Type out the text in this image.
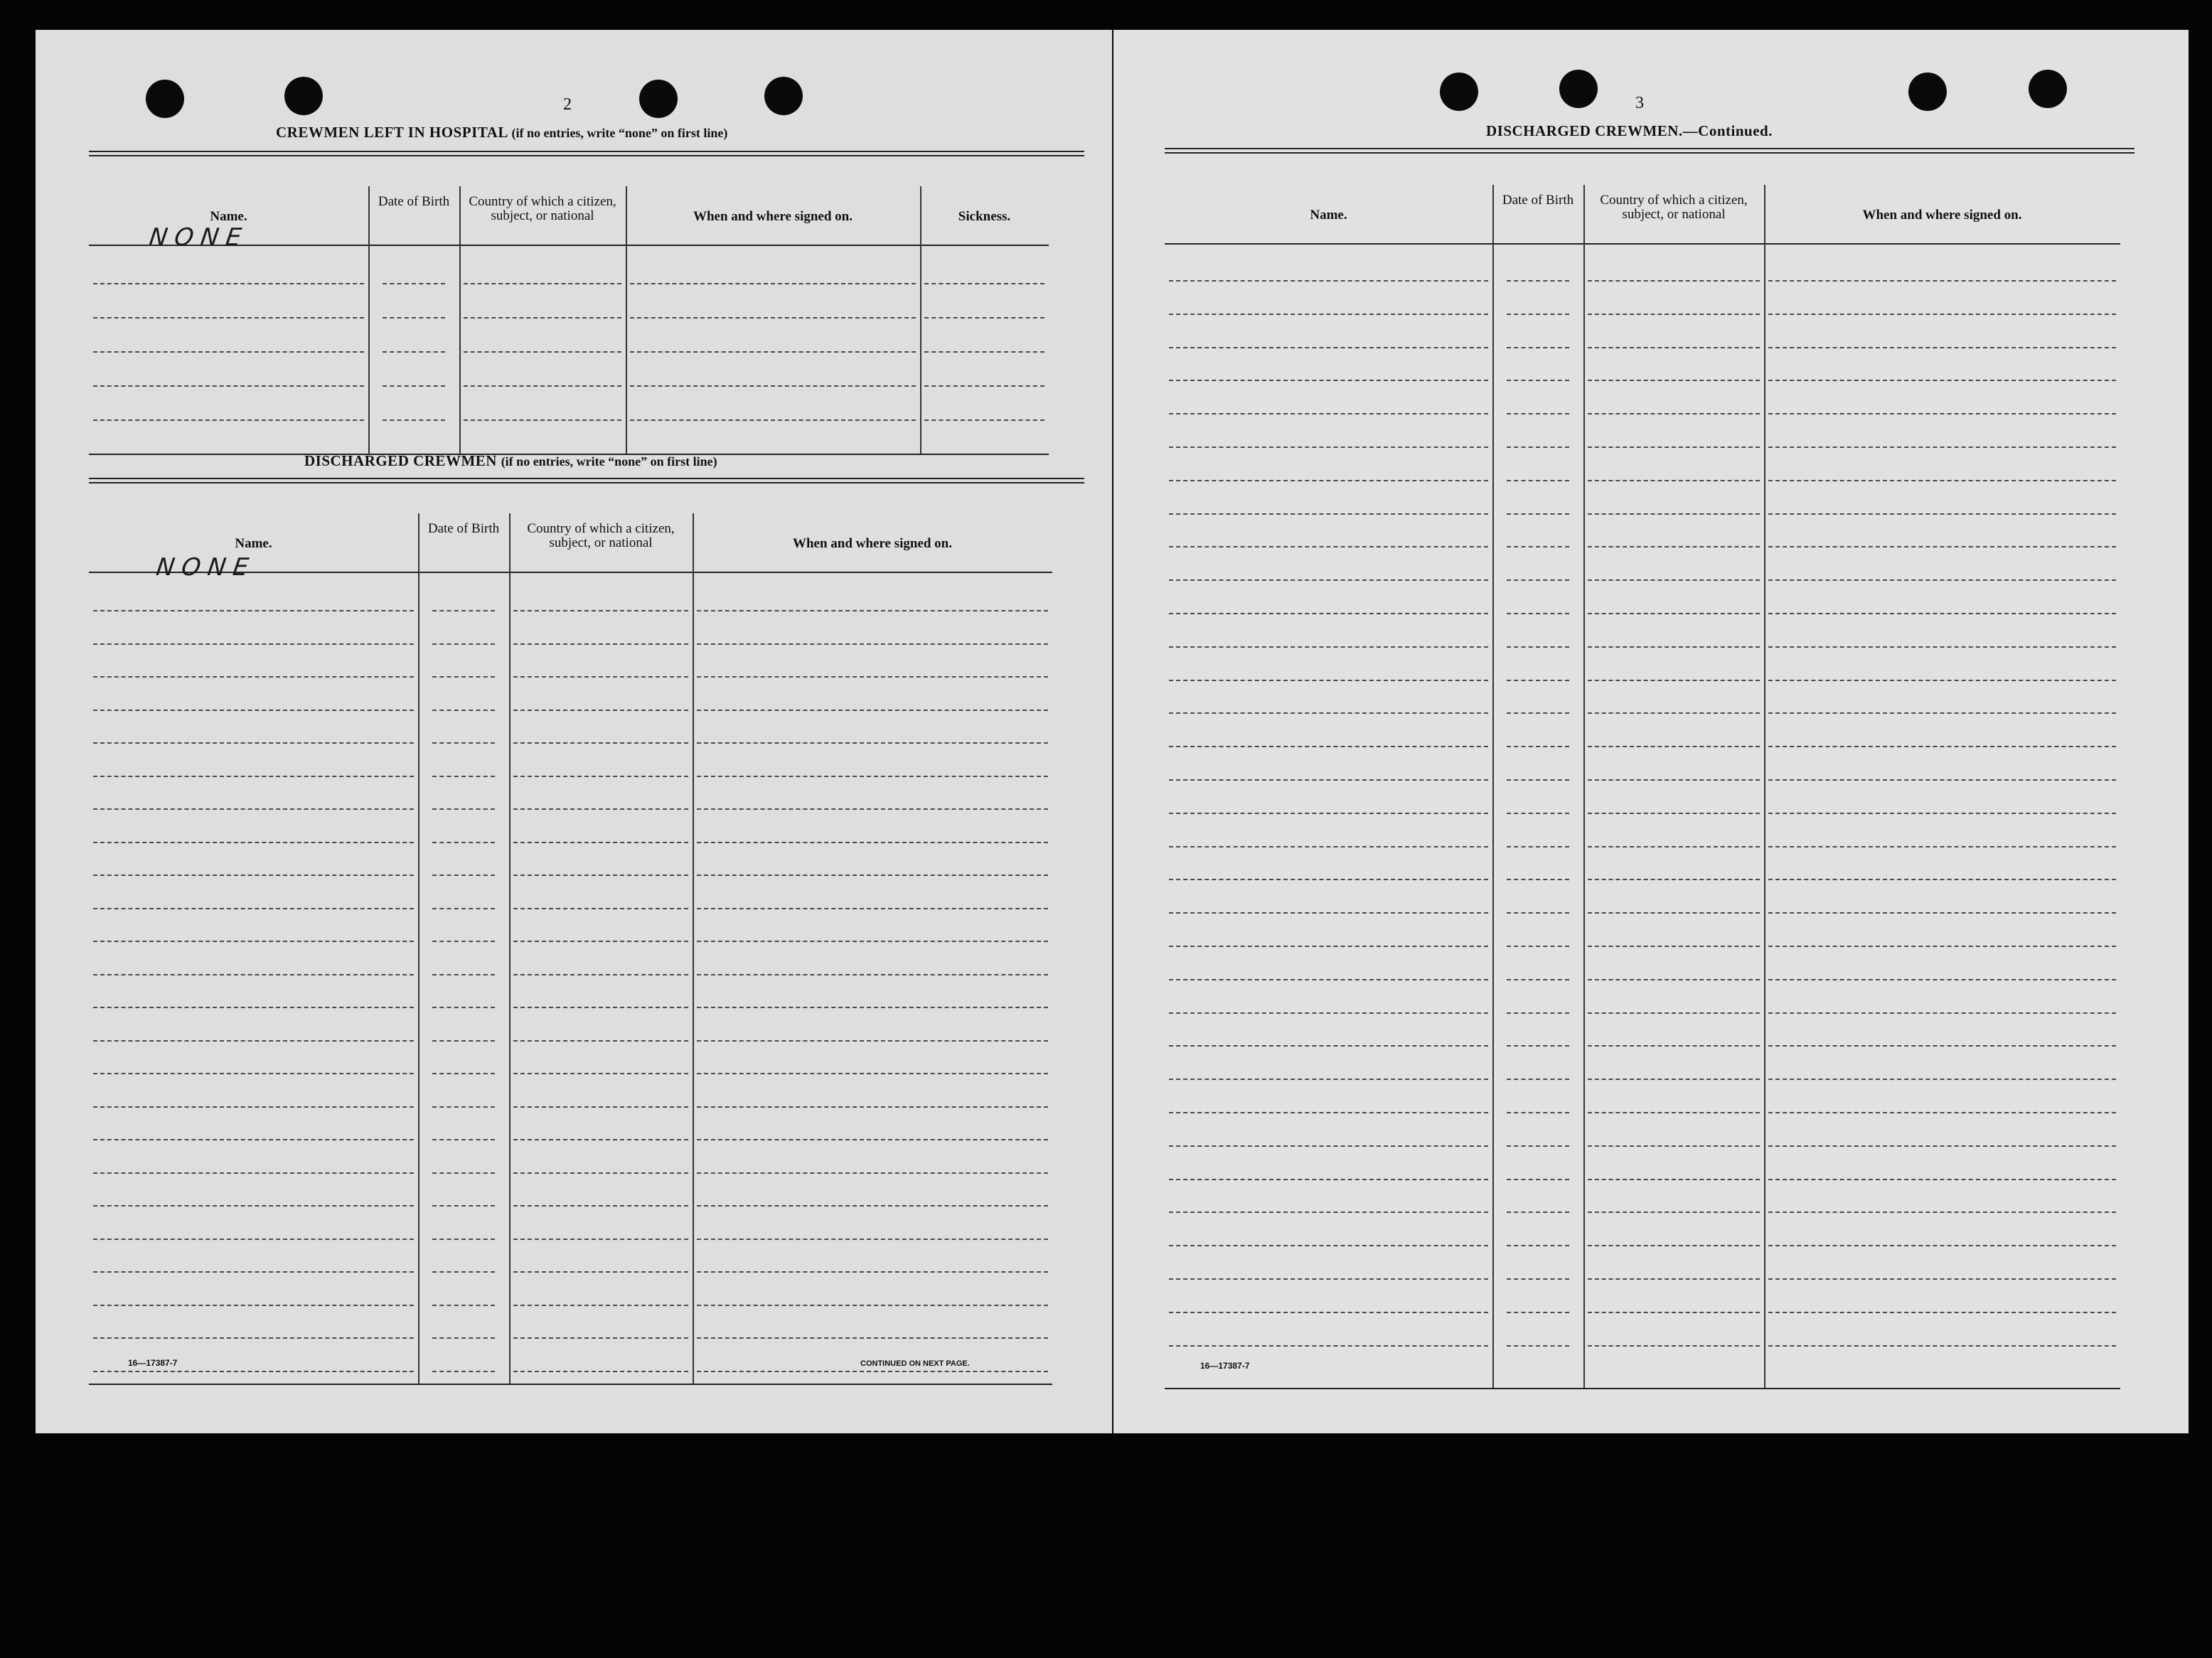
2
CREWMEN LEFT IN HOSPITAL (if no entries, write “none” on first line)
Name.
Date of Birth	Country of which a citizen, subject, or national	When and where signed on.	Sickness.
NONE
DISCHARGED CREWMEN (if no entries, write “none” on first line)
Name.
Date of Birth	Country of which a citizen, subject, or national	When and where signed on.
NONE
16—17387-7	CONTINUED ON NEXT PAGE.
3
DISCHARGED CREWMEN.—Continued.
Name.
Date of Birth	Country of which a citizen, subject, or national	When and where signed on.
16—17387-7
